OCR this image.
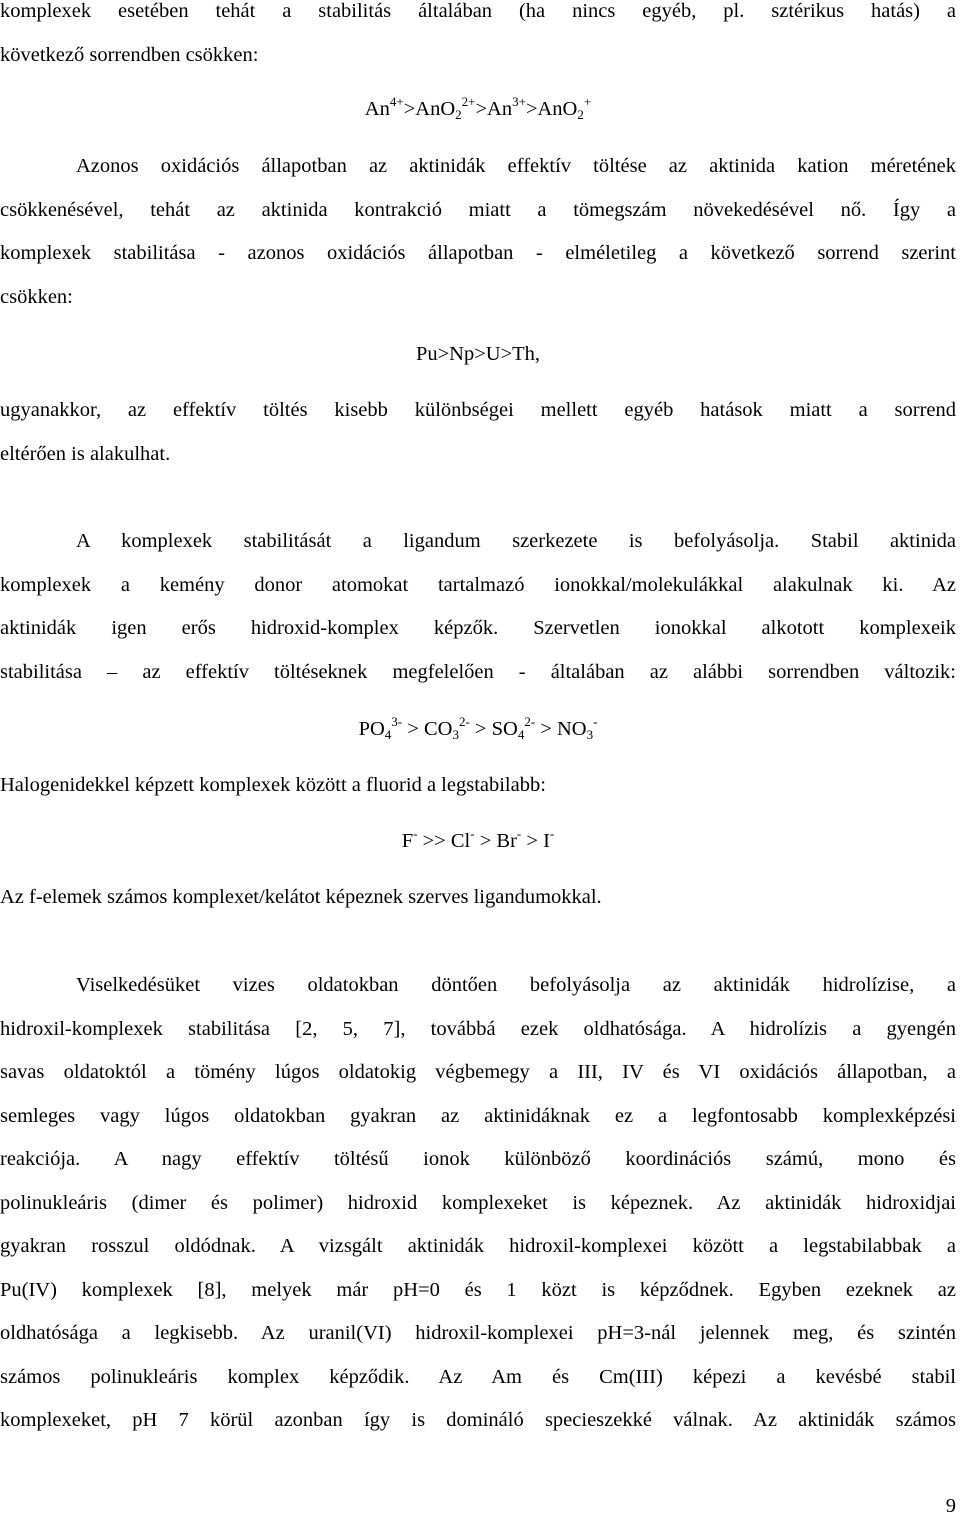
komplexek esetében tehát a stabilitás általában (ha nincs egyéb, pl. sztérikus hatás) a
következő sorrendben csökken:
$An^{4+}>AnO_2^{2+}>An^{3+}>AnO_2^+$
Azonos oxidációs állapotban az aktinidák effektív töltése az aktinida kation méretének
csökkenésével, tehát az aktinida kontrakció miatt a tömegszám növekedésével nő. Így a
komplexek stabilitása - azonos oxidációs állapotban - elméletileg a következő sorrend szerint
csökken:
Pu>Np>U>Th,
ugyanakkor, az effektív töltés kisebb különbségei mellett egyéb hatások miatt a sorrend
eltérően is alakulhat.
A komplexek stabilitását a ligandum szerkezete is befolyásolja. Stabil aktinida
komplexek a kemény donor atomokat tartalmazó ionokkal/molekulákkal alakulnak ki. Az
aktinidák igen erős hidroxid-komplex képzők. Szervetlen ionokkal alkotott komplexeik
stabilitása – az effektív töltéseknek megfelelően - általában az alábbi sorrendben változik:
$PO_4^{3-} > CO_3^{2-} > SO_4^{2-} > NO_3^-$
Halogenidekkel képzett komplexek között a fluorid a legstabilabb:
F- >> Cl- > Br- > I-
Az f-elemek számos komplexet/kelátot képeznek szerves ligandumokkal.
Viselkedésüket vizes oldatokban döntően befolyásolja az aktinidák hidrolízise, a
hidroxil-komplexek stabilitása [2, 5, 7], továbbá ezek oldhatósága. A hidrolízis a gyengén
savas oldatoktól a tömény lúgos oldatokig végbemegy a III, IV és VI oxidációs állapotban, a
semleges vagy lúgos oldatokban gyakran az aktinidáknak ez a legfontosabb komplexképzési
reakciója. A nagy effektív töltésű ionok különböző koordinációs számú, mono és
polinukleáris (dimer és polimer) hidroxid komplexeket is képeznek. Az aktinidák hidroxidjai
gyakran rosszul oldódnak. A vizsgált aktinidák hidroxil-komplexei között a legstabilabbak a
Pu(IV) komplexek [8], melyek már pH=0 és 1 közt is képződnek. Egyben ezeknek az
oldhatósága a legkisebb. Az uranil(VI) hidroxil-komplexei pH=3-nál jelennek meg, és szintén
számos polinukleáris komplex képződik. Az Am és Cm(III) képezi a kevésbé stabil
komplexeket, pH 7 körül azonban így is domináló specieszekké válnak. Az aktinidák számos
9
